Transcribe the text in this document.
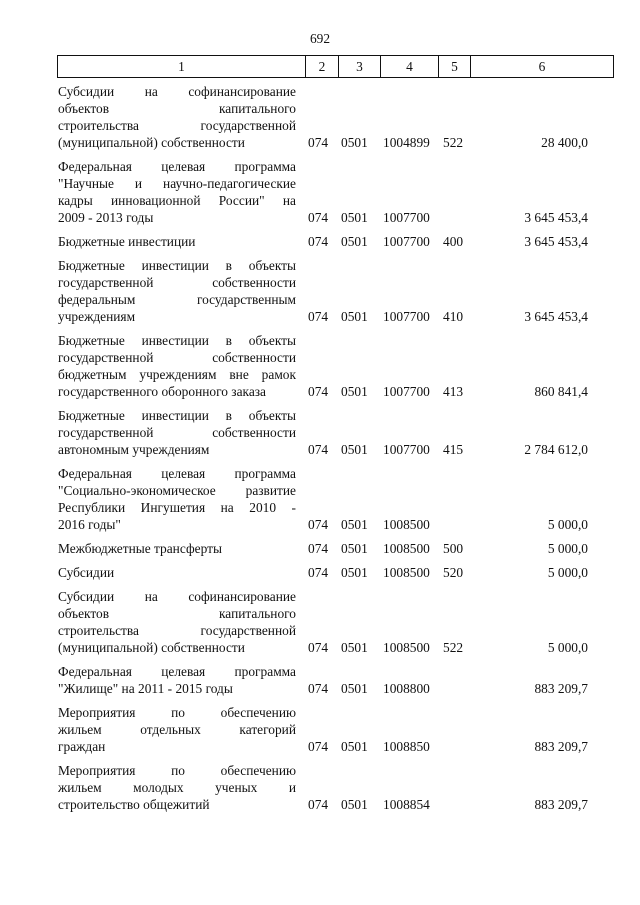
692
1	2	3	4	5	6
Субсидии на софинансирование
объектов капитального
строительства государственной
(муниципальной) собственности	074 0501	1004899 522	28 400,0
Федеральная целевая программа
"Научные и научно-педагогические
кадры инновационной России" на
2009 - 2013 годы	074 0501	1007700	3 645 453,4
Бюджетные инвестиции	074 0501	1007700 400	3 645 453,4
Бюджетные инвестиции в объекты
государственной собственности
федеральным государственным
учреждениям	074 0501	1007700 410	3 645 453,4
Бюджетные инвестиции в объекты
государственной собственности
бюджетным учреждениям вне рамок
государственного оборонного заказа	074 0501	1007700 413	860 841,4
Бюджетные инвестиции в объекты
государственной собственности
автономным учреждениям	074 0501	1007700 415	2 784 612,0
Федеральная целевая программа
"Социально-экономическое развитие
Республики Ингушетия на 2010 -
2016 годы"	074 0501	1008500	5 000,0
Межбюджетные трансферты	074 0501	1008500 500	5 000,0
Субсидии	074 0501	1008500 520	5 000,0
Субсидии на софинансирование
объектов капитального
строительства государственной
(муниципальной) собственности	074 0501	1008500 522	5 000,0
Федеральная целевая программа
"Жилище" на 2011 - 2015 годы	074 0501	1008800	883 209,7
Мероприятия по обеспечению
жильем отдельных категорий
граждан	074 0501	1008850	883 209,7
Мероприятия по обеспечению
жильем молодых ученых и
строительство общежитий	074 0501	1008854	883 209,7
